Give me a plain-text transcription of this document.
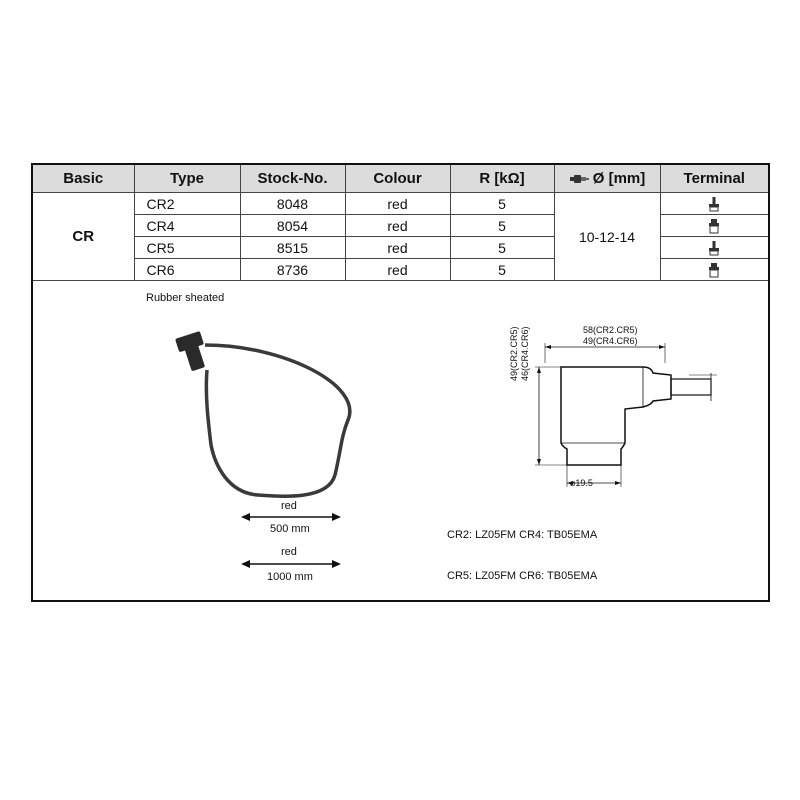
Basic	Type	Stock-No.	Colour	R [kΩ]	Ø [mm]	Terminal
CR	CR2	8048	red	5	10-12-14	
	CR4	8054	red	5	
	CR5	8515	red	5	
	CR6	8736	red	5	
Rubber sheated
red
500 mm
red
1000 mm
58(CR2.CR5)
49(CR4.CR6)
49(CR2.CR5) 46(CR4.CR6)
⌀19.5
CR2: LZ05FM CR4: TB05EMA
CR5: LZ05FM CR6: TB05EMA
